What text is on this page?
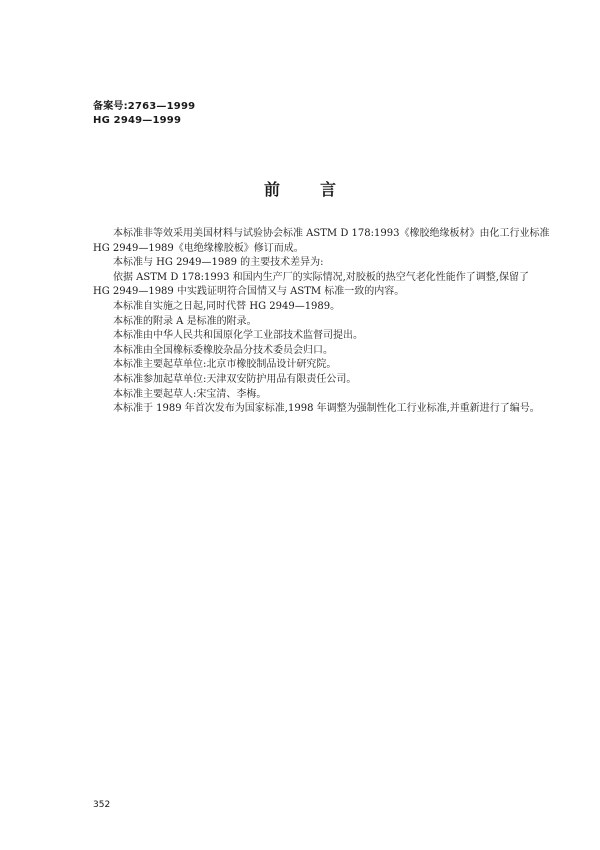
备案号:2763—1999
HG 2949—1999
前言

本标准非等效采用美国材料与试验协会标准 ASTM D 178:1993《橡胶绝缘板材》由化工行业标准

HG 2949—1989《电绝缘橡胶板》修订而成。

本标准与 HG 2949—1989 的主要技术差异为:

依据 ASTM D 178:1993 和国内生产厂的实际情况,对胶板的热空气老化性能作了调整,保留了

HG 2949—1989 中实践证明符合国情又与 ASTM 标准一致的内容。

本标准自实施之日起,同时代替 HG 2949—1989。

本标准的附录 A 是标准的附录。

本标准由中华人民共和国原化学工业部技术监督司提出。

本标准由全国橡标委橡胶杂品分技术委员会归口。

本标准主要起草单位:北京市橡胶制品设计研究院。

本标准参加起草单位:天津双安防护用品有限责任公司。

本标准主要起草人:宋宝清、李梅。

本标准于 1989 年首次发布为国家标准,1998 年调整为强制性化工行业标准,并重新进行了编号。

352
